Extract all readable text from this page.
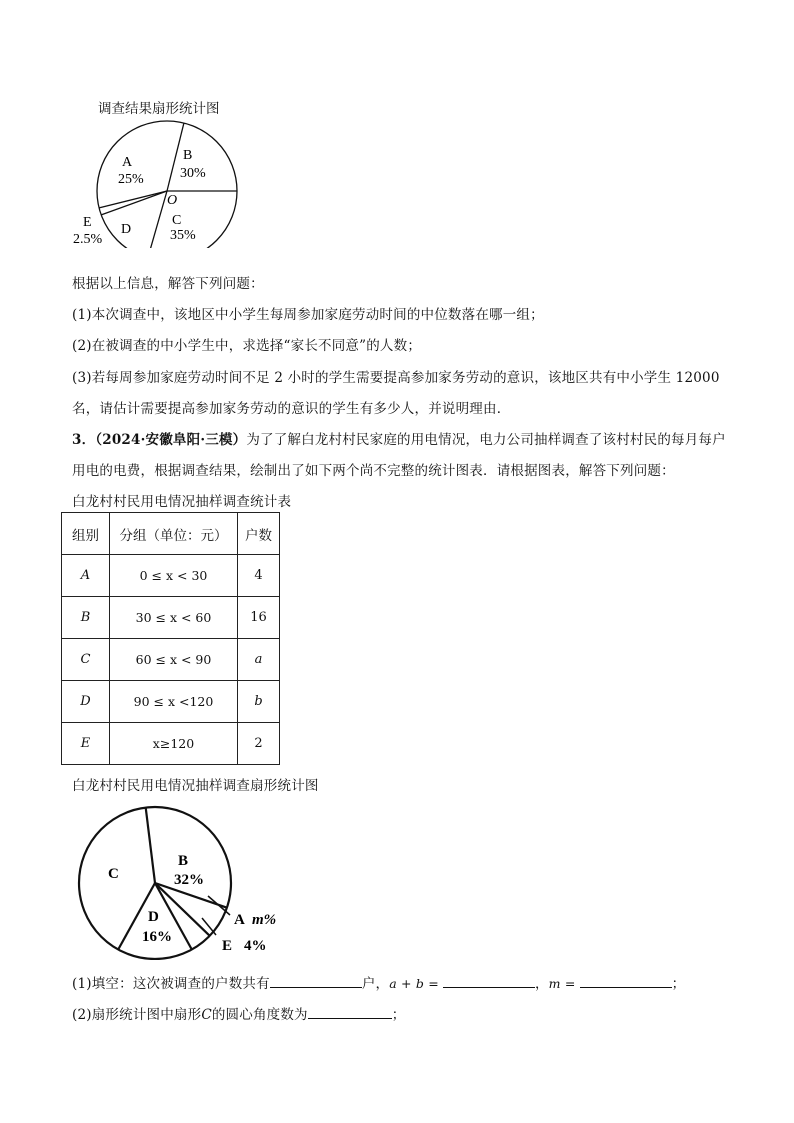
调查结果扇形统计图
A
25%
B
30%
O
C
35%
D
E
2.5%
根据以上信息，解答下列问题：
(1)本次调查中，该地区中小学生每周参加家庭劳动时间的中位数落在哪一组；
(2)在被调查的中小学生中，求选择“家长不同意”的人数；
(3)若每周参加家庭劳动时间不足 2 小时的学生需要提高参加家务劳动的意识，该地区共有中小学生 12000
名，请估计需要提高参加家务劳动的意识的学生有多少人，并说明理由．
3．（2024·安徽阜阳·三模）为了了解白龙村村民家庭的用电情况，电力公司抽样调查了该村村民的每月每户
用电的电费，根据调查结果，绘制出了如下两个尚不完整的统计图表．请根据图表，解答下列问题：
白龙村村民用电情况抽样调查统计表
组别	分组（单位：元）	户数
A	0 ≤ x < 30	4
B	30 ≤ x < 60	16
C	60 ≤ x < 90	a
D	90 ≤ x <120	b
E	x≥120	2
白龙村村民用电情况抽样调查扇形统计图
B
32%
C
D
16%
A m%
E 4%
(1)填空：这次被调查的户数共有	户，a + b =	，m =	；
(2)扇形统计图中扇形C的圆心角度数为	；
